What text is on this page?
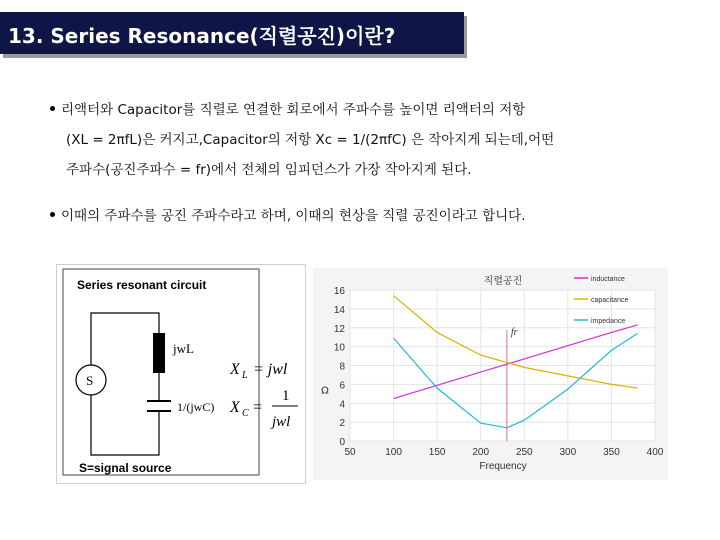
13. Series Resonance(직렬공진)이란?
리액터와 Capacitor를 직렬로 연결한 회로에서 주파수를 높이면 리액터의 저항
(XL = 2πfL)은 커지고,Capacitor의 저항 Xc = 1/(2πfC) 은 작아지게 되는데,어떤
주파수(공진주파수 = fr)에서 전체의 임피던스가 가장 작아지게 된다.
이때의 주파수를 공진 주파수라고 하며, 이때의 현상을 직렬 공진이라고 합니다.
Series resonant circuit
jwL
1/(jwC)
S
S=signal source
X L = jwl
X C =
1
jwl
0
2
4
6
8
10
12
14
16
50	100	150	200	250	300	350	400
직렬공진
Frequency
Ω
fr
inductance
capacitance
impedance
